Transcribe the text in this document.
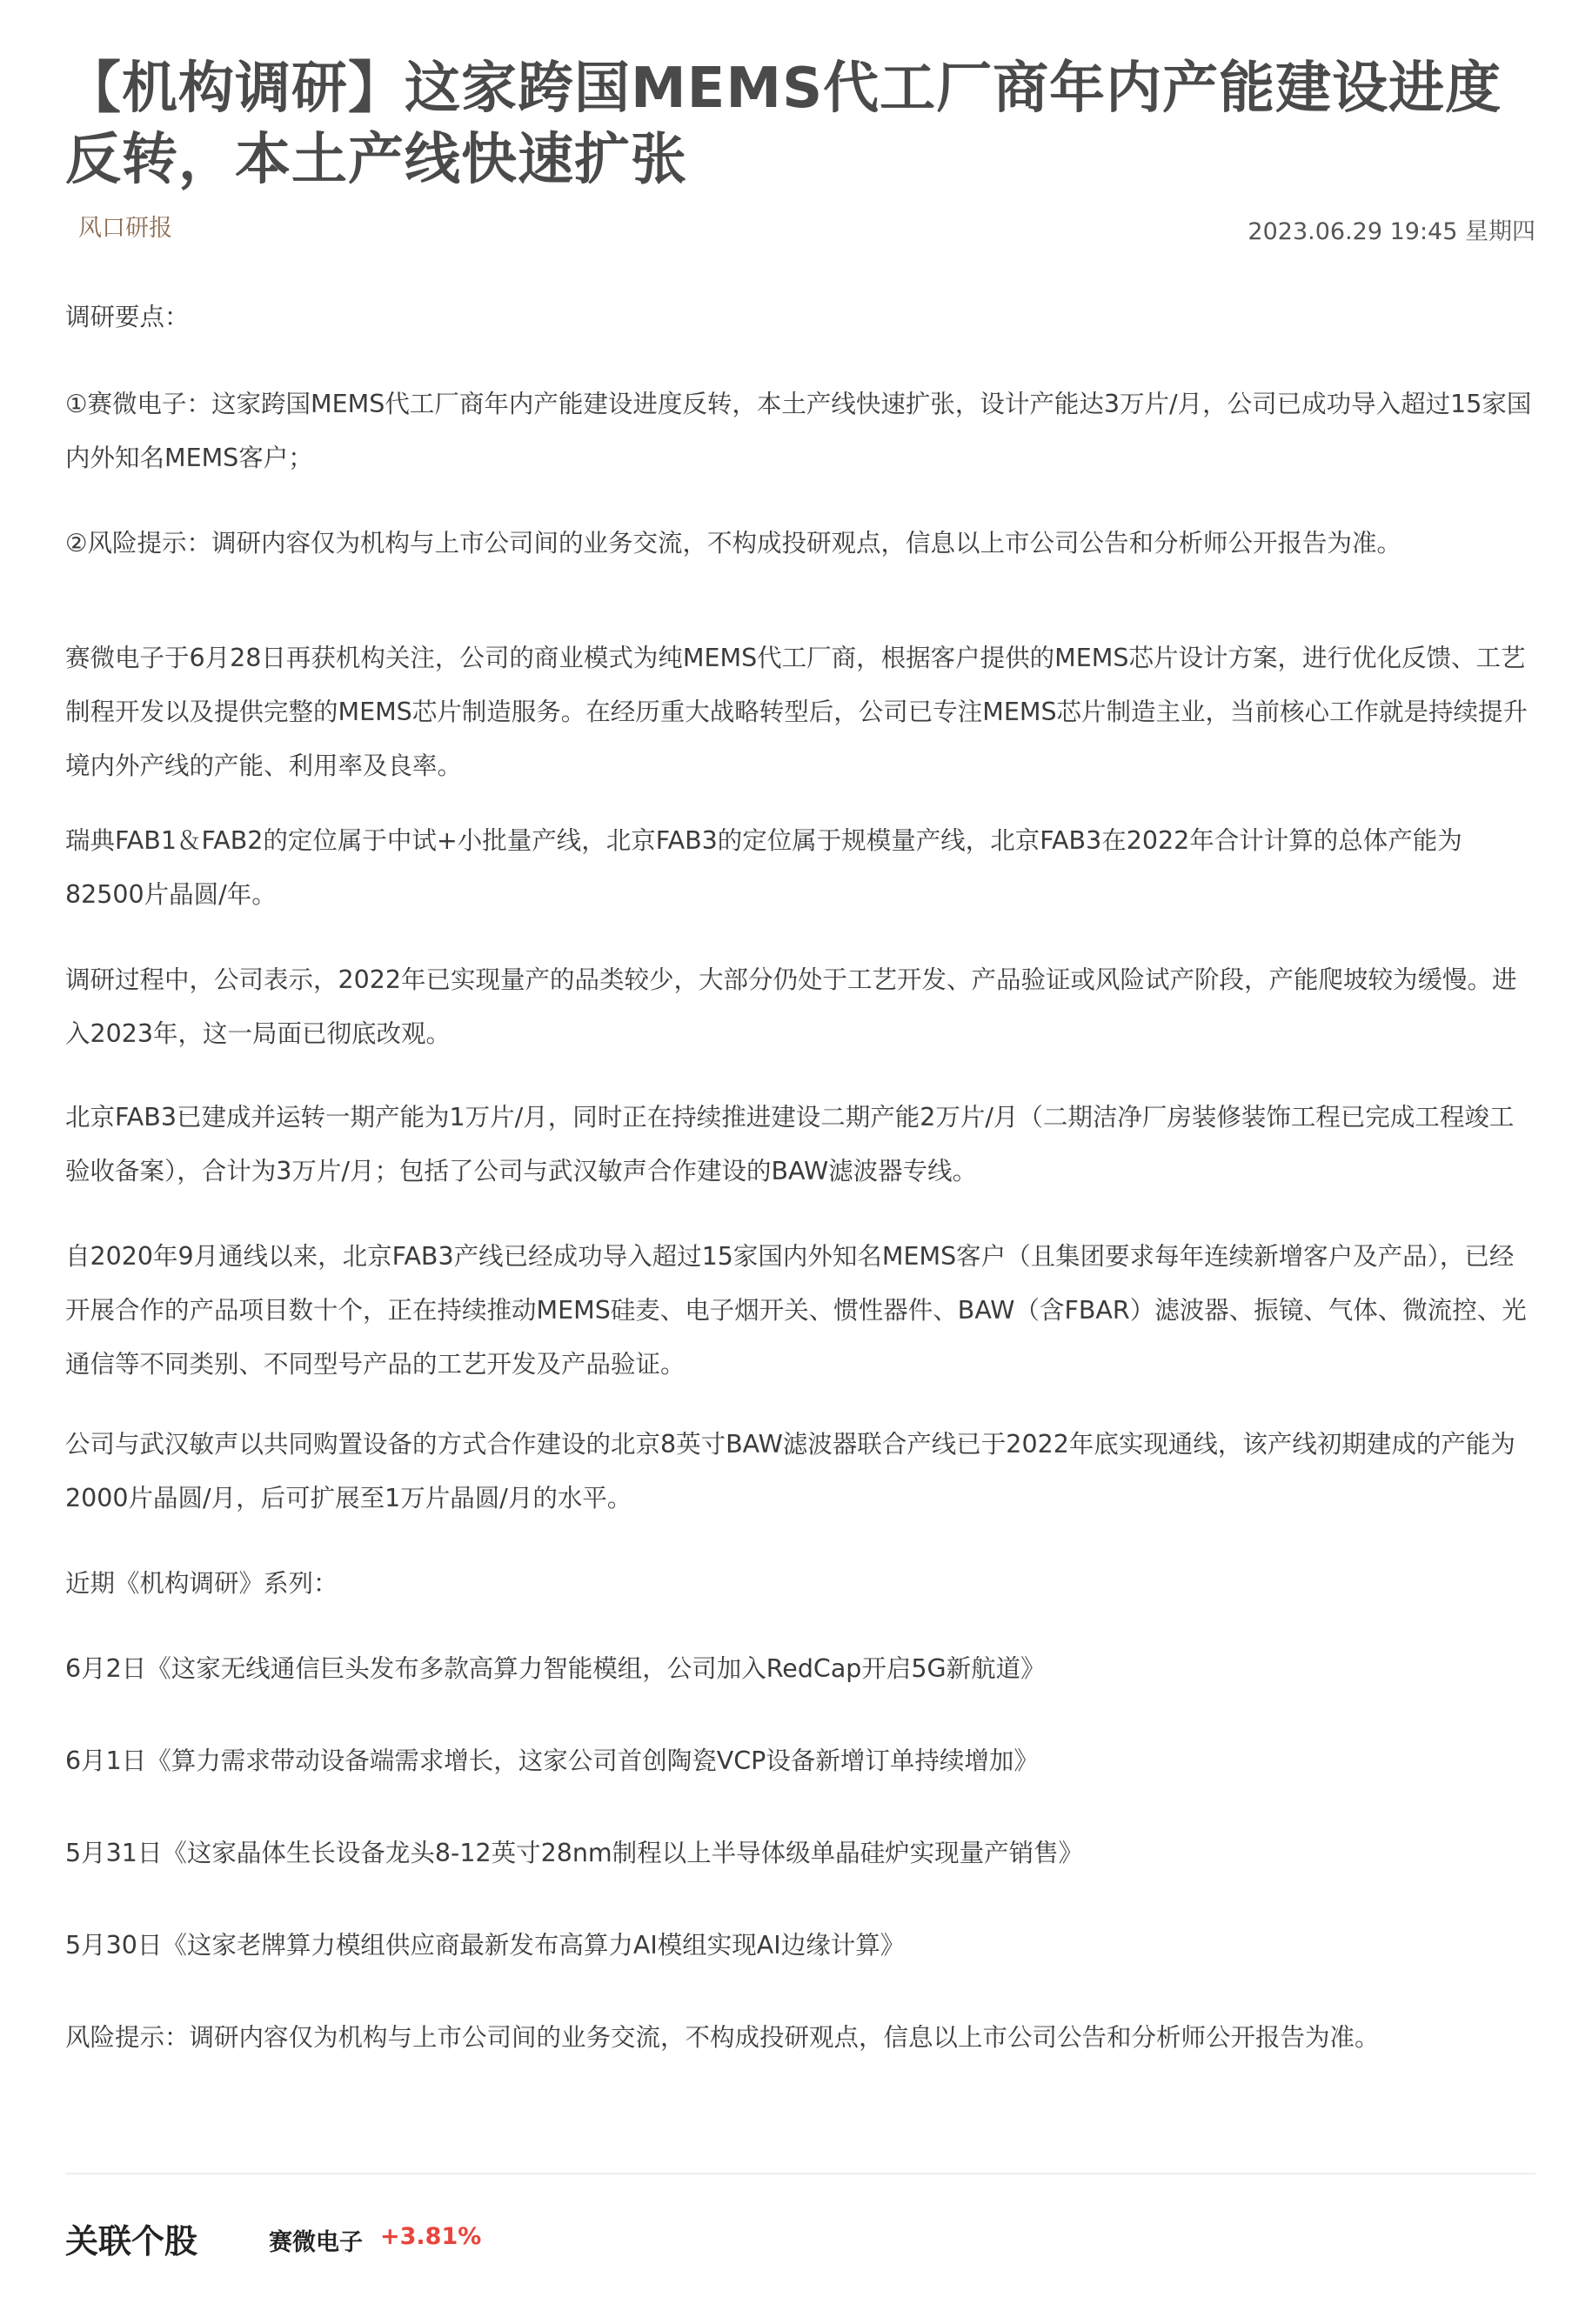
【机构调研】这家跨国MEMS代工厂商年内产能建设进度反转，本土产线快速扩张
风口研报	2023.06.29 19:45 星期四

调研要点：

①赛微电子：这家跨国MEMS代工厂商年内产能建设进度反转，本土产线快速扩张，设计产能达3万片/月，公司已成功导入超过15家国内外知名MEMS客户；

②风险提示：调研内容仅为机构与上市公司间的业务交流，不构成投研观点，信息以上市公司公告和分析师公开报告为准。

赛微电子于6月28日再获机构关注，公司的商业模式为纯MEMS代工厂商，根据客户提供的MEMS芯片设计方案，进行优化反馈、工艺制程开发以及提供完整的MEMS芯片制造服务。在经历重大战略转型后，公司已专注MEMS芯片制造主业，当前核心工作就是持续提升境内外产线的产能、利用率及良率。

瑞典FAB1＆FAB2的定位属于中试+小批量产线，北京FAB3的定位属于规模量产线，北京FAB3在2022年合计计算的总体产能为82500片晶圆/年。

调研过程中，公司表示，2022年已实现量产的品类较少，大部分仍处于工艺开发、产品验证或风险试产阶段，产能爬坡较为缓慢。进入2023年，这一局面已彻底改观。

北京FAB3已建成并运转一期产能为1万片/月，同时正在持续推进建设二期产能2万片/月（二期洁净厂房装修装饰工程已完成工程竣工验收备案），合计为3万片/月；包括了公司与武汉敏声合作建设的BAW滤波器专线。

自2020年9月通线以来，北京FAB3产线已经成功导入超过15家国内外知名MEMS客户（且集团要求每年连续新增客户及产品），已经开展合作的产品项目数十个，正在持续推动MEMS硅麦、电子烟开关、惯性器件、BAW（含FBAR）滤波器、振镜、气体、微流控、光通信等不同类别、不同型号产品的工艺开发及产品验证。

公司与武汉敏声以共同购置设备的方式合作建设的北京8英寸BAW滤波器联合产线已于2022年底实现通线，该产线初期建成的产能为2000片晶圆/月，后可扩展至1万片晶圆/月的水平。

近期《机构调研》系列：

6月2日《这家无线通信巨头发布多款高算力智能模组，公司加入RedCap开启5G新航道》

6月1日《算力需求带动设备端需求增长，这家公司首创陶瓷VCP设备新增订单持续增加》

5月31日《这家晶体生长设备龙头8-12英寸28nm制程以上半导体级单晶硅炉实现量产销售》

5月30日《这家老牌算力模组供应商最新发布高算力AI模组实现AI边缘计算》

风险提示：调研内容仅为机构与上市公司间的业务交流，不构成投研观点，信息以上市公司公告和分析师公开报告为准。

关联个股	赛微电子 +3.81%
